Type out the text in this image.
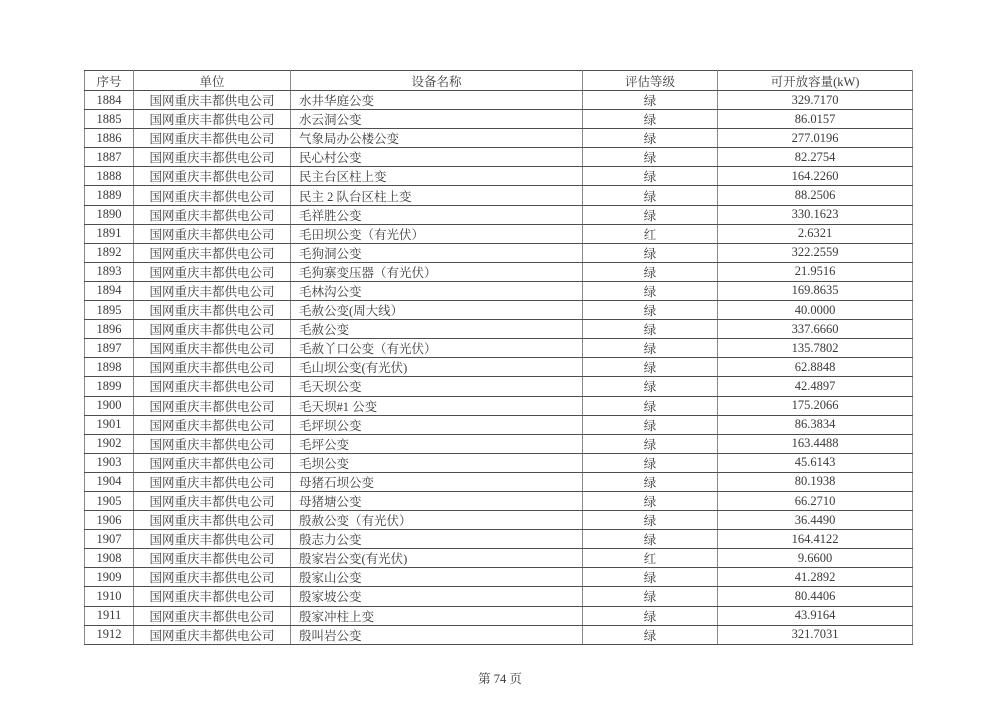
序号	单位	设备名称	评估等级	可开放容量(kW)
1884	国网重庆丰都供电公司	水井华庭公变	绿	329.7170
1885	国网重庆丰都供电公司	水云洞公变	绿	86.0157
1886	国网重庆丰都供电公司	气象局办公楼公变	绿	277.0196
1887	国网重庆丰都供电公司	民心村公变	绿	82.2754
1888	国网重庆丰都供电公司	民主台区柱上变	绿	164.2260
1889	国网重庆丰都供电公司	民主 2 队台区柱上变	绿	88.2506
1890	国网重庆丰都供电公司	毛祥胜公变	绿	330.1623
1891	国网重庆丰都供电公司	毛田坝公变（有光伏）	红	2.6321
1892	国网重庆丰都供电公司	毛狗洞公变	绿	322.2559
1893	国网重庆丰都供电公司	毛狗寨变压器（有光伏）	绿	21.9516
1894	国网重庆丰都供电公司	毛林沟公变	绿	169.8635
1895	国网重庆丰都供电公司	毛赦公变(周大线）	绿	40.0000
1896	国网重庆丰都供电公司	毛赦公变	绿	337.6660
1897	国网重庆丰都供电公司	毛赦丫口公变（有光伏）	绿	135.7802
1898	国网重庆丰都供电公司	毛山坝公变(有光伏)	绿	62.8848
1899	国网重庆丰都供电公司	毛天坝公变	绿	42.4897
1900	国网重庆丰都供电公司	毛天坝#1 公变	绿	175.2066
1901	国网重庆丰都供电公司	毛坪坝公变	绿	86.3834
1902	国网重庆丰都供电公司	毛坪公变	绿	163.4488
1903	国网重庆丰都供电公司	毛坝公变	绿	45.6143
1904	国网重庆丰都供电公司	母猪石坝公变	绿	80.1938
1905	国网重庆丰都供电公司	母猪塘公变	绿	66.2710
1906	国网重庆丰都供电公司	殷赦公变（有光伏）	绿	36.4490
1907	国网重庆丰都供电公司	殷志力公变	绿	164.4122
1908	国网重庆丰都供电公司	殷家岩公变(有光伏)	红	9.6600
1909	国网重庆丰都供电公司	殷家山公变	绿	41.2892
1910	国网重庆丰都供电公司	殷家坡公变	绿	80.4406
1911	国网重庆丰都供电公司	殷家冲柱上变	绿	43.9164
1912	国网重庆丰都供电公司	殷叫岩公变	绿	321.7031
第 74 页
